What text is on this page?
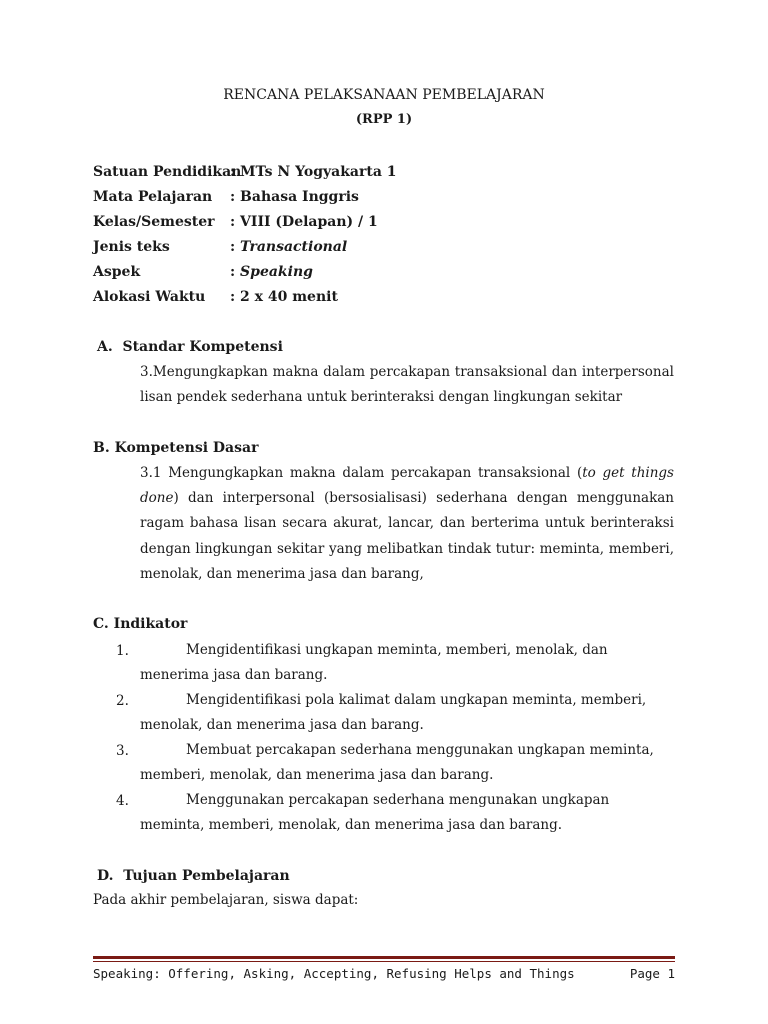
RENCANA PELAKSANAAN PEMBELAJARAN
(RPP 1)
Satuan Pendidikan
: MTs N Yogyakarta 1
Mata Pelajaran : Bahasa Inggris
Kelas/Semester : VIII (Delapan) / 1
Jenis teks	: Transactional
Aspek	: Speaking
Alokasi Waktu : 2 x 40 menit
A.  Standar Kompetensi
3.Mengungkapkan makna dalam percakapan transaksional dan interpersonal lisan pendek sederhana untuk berinteraksi dengan lingkungan sekitar
B. Kompetensi Dasar
3.1 Mengungkapkan makna dalam percakapan transaksional (to get things done) dan interpersonal (bersosialisasi) sederhana dengan menggunakan ragam bahasa lisan secara akurat, lancar, dan berterima untuk berinteraksi dengan lingkungan sekitar yang melibatkan tindak tutur: meminta, memberi, menolak, dan menerima jasa dan barang,
C. Indikator
1.	Mengidentifikasi ungkapan meminta, memberi, menolak, dan menerima jasa dan barang.
2.	Mengidentifikasi pola kalimat dalam ungkapan meminta, memberi, menolak, dan menerima jasa dan barang.
3.	Membuat percakapan sederhana menggunakan ungkapan meminta, memberi, menolak, dan menerima jasa dan barang.
4.	Menggunakan percakapan sederhana mengunakan ungkapan meminta, memberi, menolak, dan menerima jasa dan barang.
D.  Tujuan Pembelajaran
Pada akhir pembelajaran, siswa dapat:
Speaking: Offering, Asking, Accepting, Refusing Helps and Things	Page 1
